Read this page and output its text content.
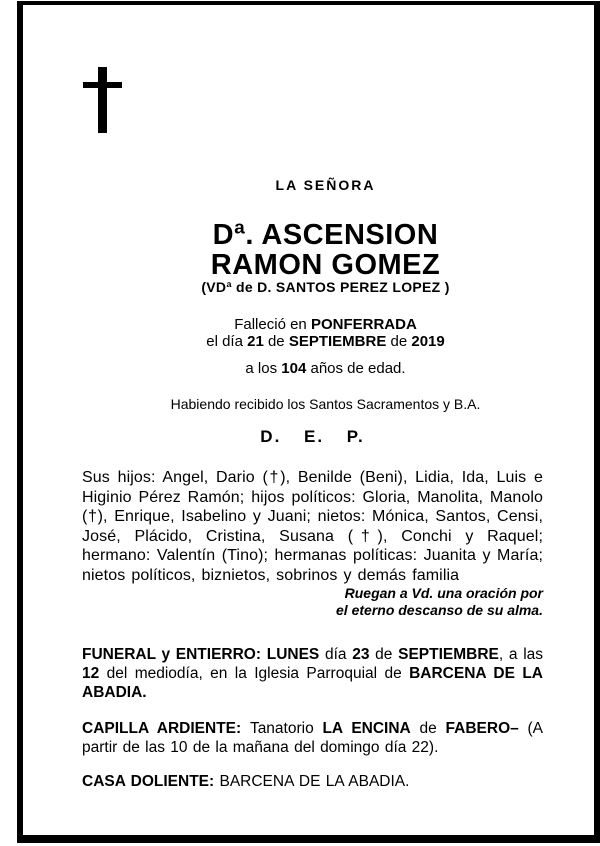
LA SEÑORA
Dª. ASCENSION
RAMON GOMEZ
(VDª de D. SANTOS PEREZ LOPEZ )
Falleció en PONFERRADA
el día 21 de SEPTIEMBRE de 2019
a los 104 años de edad.
Habiendo recibido los Santos Sacramentos y B.A.
D. E. P.

Sus hijos: Angel, Dario (†), Benilde (Beni), Lidia, Ida, Luis e Higinio Pérez Ramón; hijos políticos: Gloria, Manolita, Manolo (†), Enrique, Isabelino y Juani; nietos: Mónica, Santos, Censi, José, Plácido, Cristina, Susana (†), Conchi y Raquel; hermano: Valentín (Tino); hermanas políticas: Juanita y María; nietos políticos, biznietos, sobrinos y demás familia

Ruegan a Vd. una oración por
el eterno descanso de su alma.

FUNERAL y ENTIERRO: LUNES día 23 de SEPTIEMBRE, a las 12 del mediodía, en la Iglesia Parroquial de BARCENA DE LA ABADIA.

CAPILLA ARDIENTE: Tanatorio LA ENCINA de FABERO– (A partir de las 10 de la mañana del domingo día 22).

CASA DOLIENTE: BARCENA DE LA ABADIA.
